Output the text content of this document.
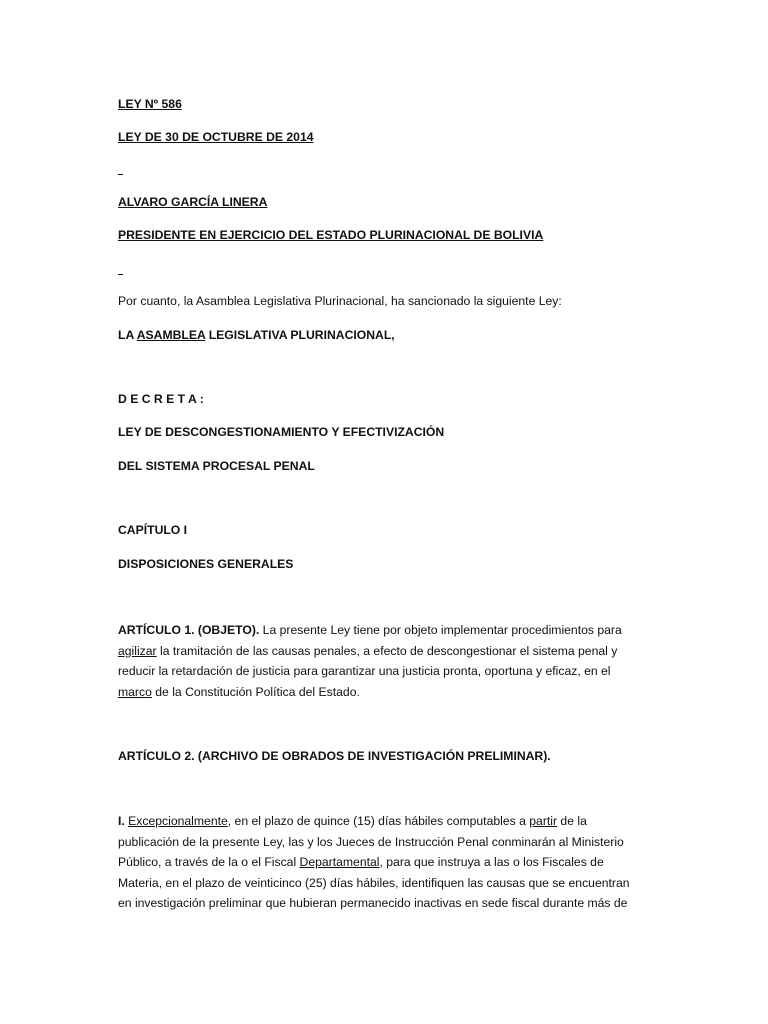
LEY Nº 586
LEY DE 30 DE OCTUBRE DE 2014
ALVARO GARCÍA LINERA
PRESIDENTE EN EJERCICIO DEL ESTADO PLURINACIONAL DE BOLIVIA
Por cuanto, la Asamblea Legislativa Plurinacional, ha sancionado la siguiente Ley:
LA ASAMBLEA LEGISLATIVA PLURINACIONAL,
D E C R E T A :
LEY DE DESCONGESTIONAMIENTO Y EFECTIVIZACIÓN
DEL SISTEMA PROCESAL PENAL
CAPÍTULO I
DISPOSICIONES GENERALES
ARTÍCULO 1. (OBJETO). La presente Ley tiene por objeto implementar procedimientos para
agilizar la tramitación de las causas penales, a efecto de descongestionar el sistema penal y
reducir la retardación de justicia para garantizar una justicia pronta, oportuna y eficaz, en el
marco de la Constitución Política del Estado.
ARTÍCULO 2. (ARCHIVO DE OBRADOS DE INVESTIGACIÓN PRELIMINAR).
I. Excepcionalmente, en el plazo de quince (15) días hábiles computables a partir de la
publicación de la presente Ley, las y los Jueces de Instrucción Penal conminarán al Ministerio
Público, a través de la o el Fiscal Departamental, para que instruya a las o los Fiscales de
Materia, en el plazo de veinticinco (25) días hábiles, identifiquen las causas que se encuentran
en investigación preliminar que hubieran permanecido inactivas en sede fiscal durante más de
